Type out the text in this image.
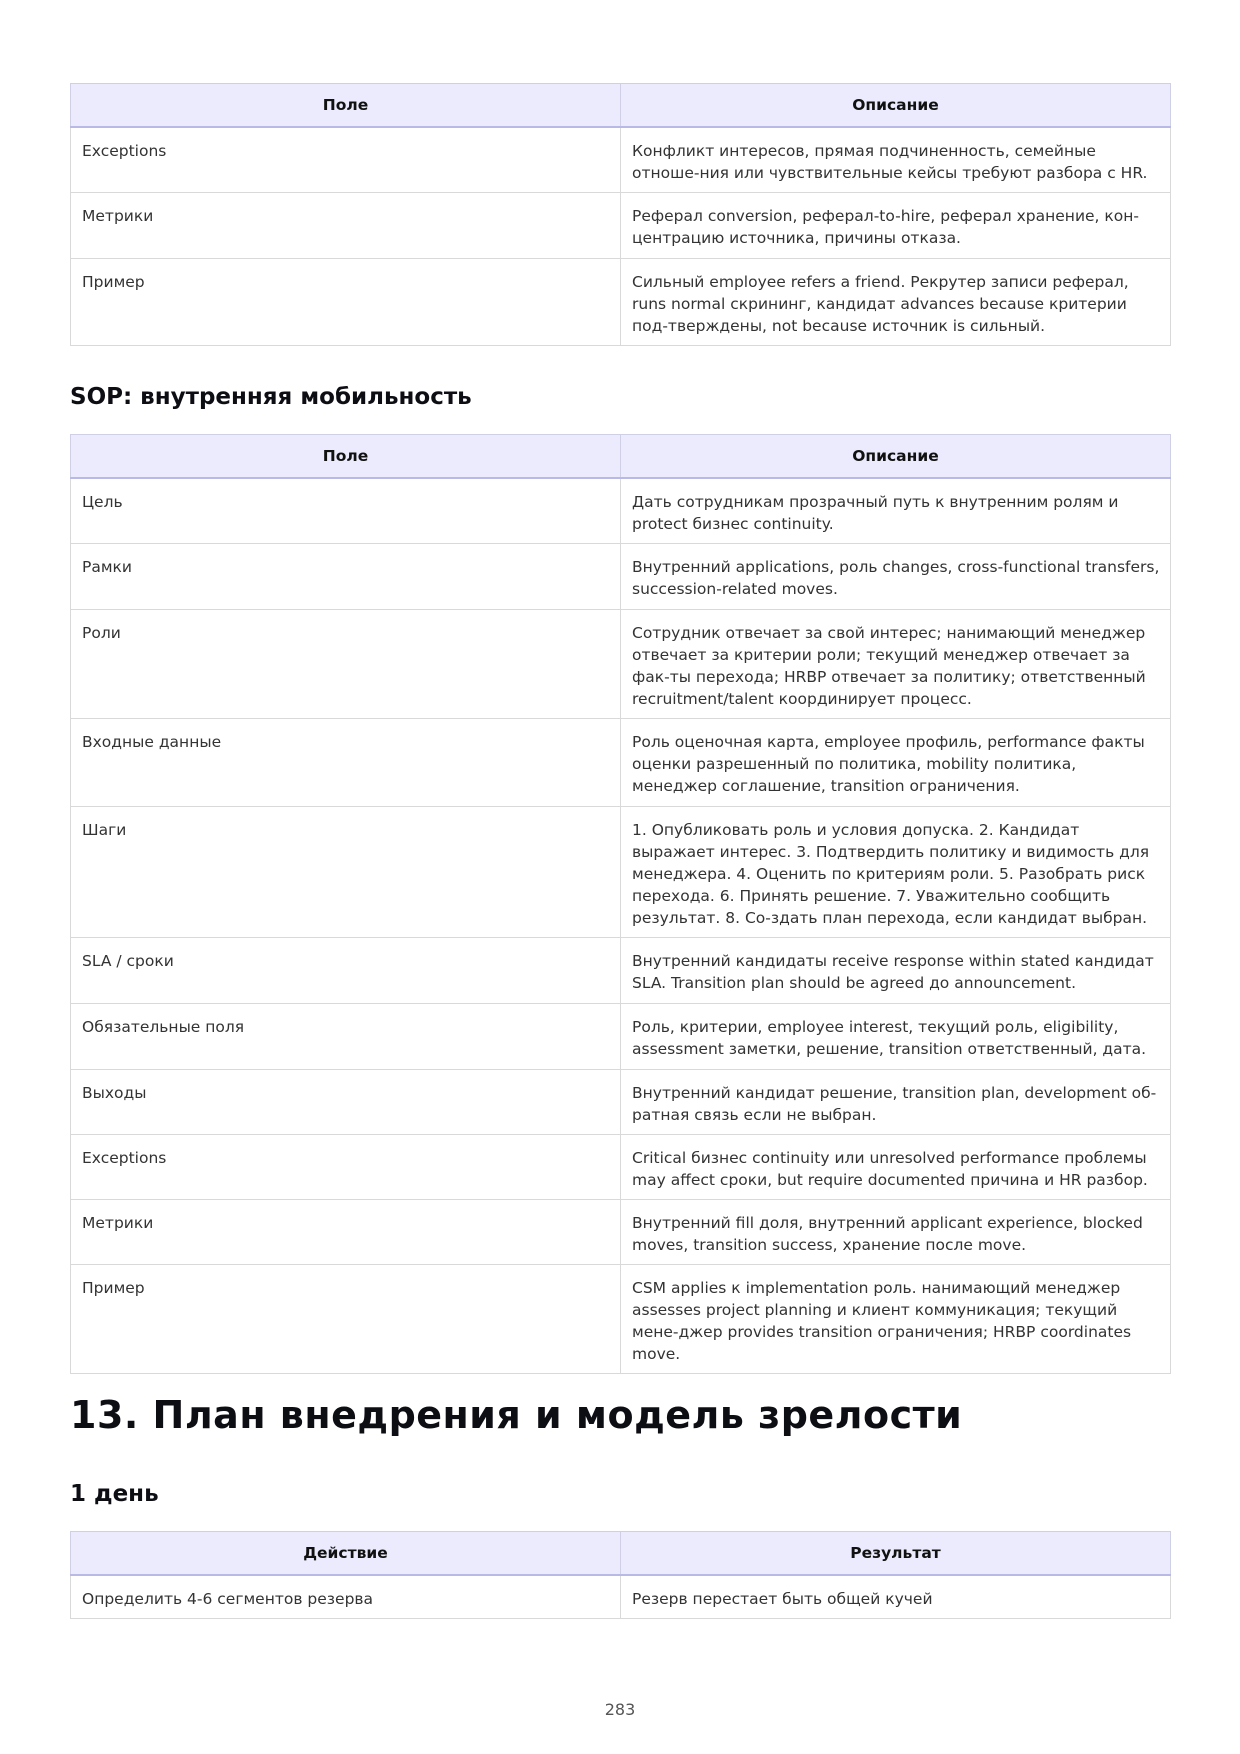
Поле	Описание
Exceptions	Конфликт интересов, прямая подчиненность, семейные отноше-ния или чувствительные кейсы требуют разбора с HR.
Метрики	Реферал conversion, реферал-to-hire, реферал хранение, кон-центрацию источника, причины отказа.
Пример	Сильный employee refers a friend. Рекрутер записи реферал, runs normal скрининг, кандидат advances because критерии под-тверждены, not because источник is сильный.
SOP: внутренняя мобильность
Поле	Описание
Цель	Дать сотрудникам прозрачный путь к внутренним ролям и protect бизнес continuity.
Рамки	Внутренний applications, роль changes, cross-functional transfers, succession-related moves.
Роли	Сотрудник отвечает за свой интерес; нанимающий менеджер отвечает за критерии роли; текущий менеджер отвечает за фак-ты перехода; HRBP отвечает за политику; ответственный recruitment/talent координирует процесс.
Входные данные	Роль оценочная карта, employee профиль, performance факты оценки разрешенный по политика, mobility политика, менеджер соглашение, transition ограничения.
Шаги	1. Опубликовать роль и условия допуска. 2. Кандидат выражает интерес. 3. Подтвердить политику и видимость для менеджера. 4. Оценить по критериям роли. 5. Разобрать риск перехода. 6. Принять решение. 7. Уважительно сообщить результат. 8. Со-здать план перехода, если кандидат выбран.
SLA / сроки	Внутренний кандидаты receive response within stated кандидат SLA. Transition plan should be agreed до announcement.
Обязательные поля	Роль, критерии, employee interest, текущий роль, eligibility, assessment заметки, решение, transition ответственный, дата.
Выходы	Внутренний кандидат решение, transition plan, development об-ратная связь если не выбран.
Exceptions	Critical бизнес continuity или unresolved performance проблемы may affect сроки, but require documented причина и HR разбор.
Метрики	Внутренний fill доля, внутренний applicant experience, blocked moves, transition success, хранение после move.
Пример	CSM applies к implementation роль. нанимающий менеджер assesses project planning и клиент коммуникация; текущий мене-джер provides transition ограничения; HRBP coordinates move.
13. План внедрения и модель зрелости
1 день
Действие	Результат
Определить 4-6 сегментов резерва	Резерв перестает быть общей кучей
283
